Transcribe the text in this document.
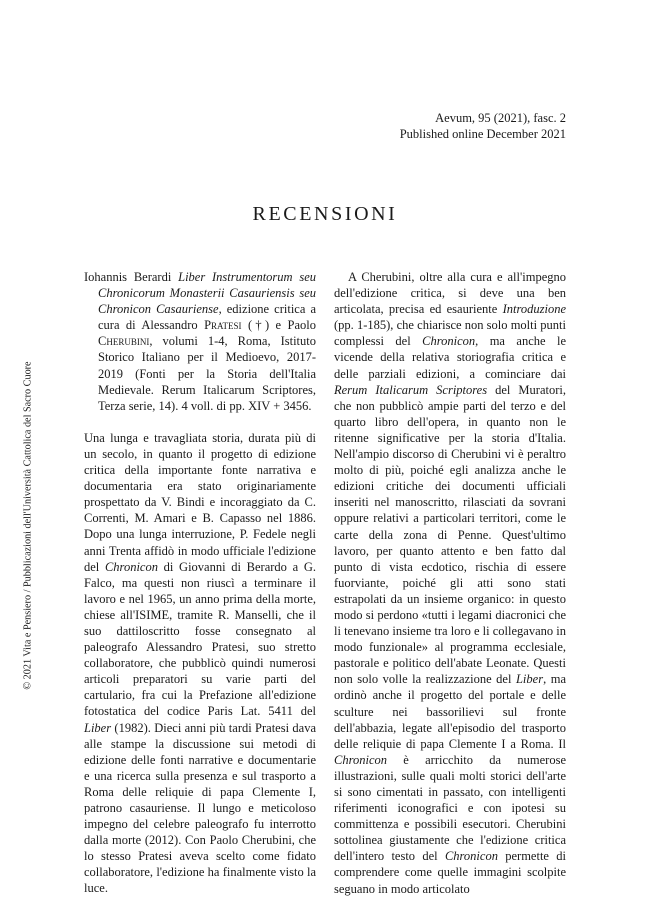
Aevum, 95 (2021), fasc. 2
Published online December 2021
RECENSIONI

Iohannis Berardi Liber Instrumentorum seu Chronicorum Monasterii Casauriensis seu Chronicon Casauriense, edizione critica a cura di Alessandro Pratesi (†) e Paolo Cherubini, volumi 1-4, Roma, Istituto Storico Italiano per il Medioevo, 2017-2019 (Fonti per la Storia dell'Italia Medievale. Rerum Italicarum Scriptores, Terza serie, 14). 4 voll. di pp. XIV + 3456.

Una lunga e travagliata storia, durata più di un secolo, in quanto il progetto di edizione critica della importante fonte narrativa e documentaria era stato originariamente prospettato da V. Bindi e incoraggiato da C. Correnti, M. Amari e B. Capasso nel 1886. Dopo una lunga interruzione, P. Fedele negli anni Trenta affidò in modo ufficiale l'edizione del Chronicon di Giovanni di Berardo a G. Falco, ma questi non riuscì a terminare il lavoro e nel 1965, un anno prima della morte, chiese all'ISIME, tramite R. Manselli, che il suo dattiloscritto fosse consegnato al paleografo Alessandro Pratesi, suo stretto collaboratore, che pubblicò quindi numerosi articoli preparatori su varie parti del cartulario, fra cui la Prefazione all'edizione fotostatica del codice Paris Lat. 5411 del Liber (1982). Dieci anni più tardi Pratesi dava alle stampe la discussione sui metodi di edizione delle fonti narrative e documentarie e una ricerca sulla presenza e sul trasporto a Roma delle reliquie di papa Clemente I, patrono casauriense. Il lungo e meticoloso impegno del celebre paleografo fu interrotto dalla morte (2012). Con Paolo Cherubini, che lo stesso Pratesi aveva scelto come fidato collaboratore, l'edizione ha finalmente visto la luce.

A Cherubini, oltre alla cura e all'impegno dell'edizione critica, si deve una ben articolata, precisa ed esauriente Introduzione (pp. 1-185), che chiarisce non solo molti punti complessi del Chronicon, ma anche le vicende della relativa storiografia critica e delle parziali edizioni, a cominciare dai Rerum Italicarum Scriptores del Muratori, che non pubblicò ampie parti del terzo e del quarto libro dell'opera, in quanto non le ritenne significative per la storia d'Italia. Nell'ampio discorso di Cherubini vi è peraltro molto di più, poiché egli analizza anche le edizioni critiche dei documenti ufficiali inseriti nel manoscritto, rilasciati da sovrani oppure relativi a particolari territori, come le carte della zona di Penne. Quest'ultimo lavoro, per quanto attento e ben fatto dal punto di vista ecdotico, rischia di essere fuorviante, poiché gli atti sono stati estrapolati da un insieme organico: in questo modo si perdono «tutti i legami diacronici che li tenevano insieme tra loro e li collegavano in modo funzionale» al programma ecclesiale, pastorale e politico dell'abate Leonate. Questi non solo volle la realizzazione del Liber, ma ordinò anche il progetto del portale e delle sculture nei bassorilievi sul fronte dell'abbazia, legate all'episodio del trasporto delle reliquie di papa Clemente I a Roma. Il Chronicon è arricchito da numerose illustrazioni, sulle quali molti storici dell'arte si sono cimentati in passato, con intelligenti riferimenti iconografici e con ipotesi su committenza e possibili esecutori. Cherubini sottolinea giustamente che l'edizione critica dell'intero testo del Chronicon permette di comprendere come quelle immagini scolpite seguano in modo articolato

© 2021 Vita e Pensiero / Pubblicazioni dell'Università Cattolica del Sacro Cuore
